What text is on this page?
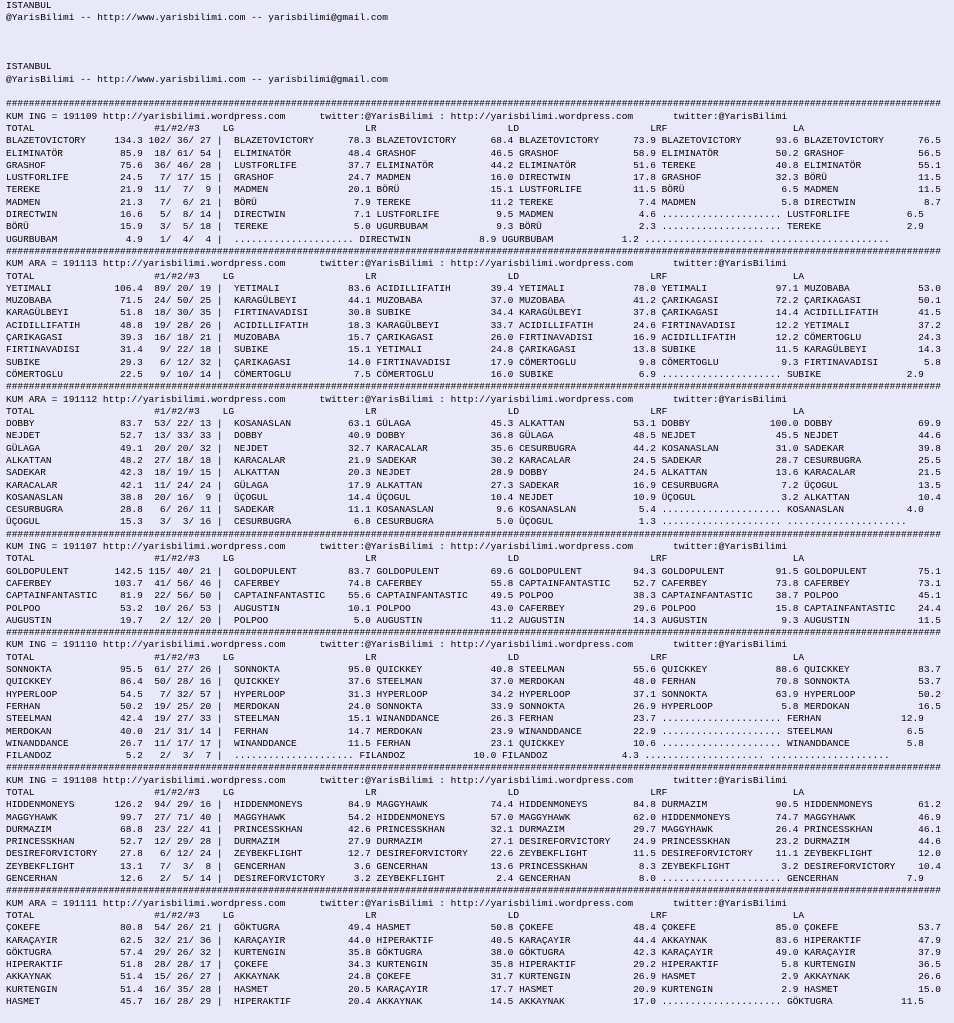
ISTANBUL
@YarisBilimi -- http://www.yarisbilimi.com -- yarisbilimi@gmail.com
ISTANBUL
@YarisBilimi -- http://www.yarisbilimi.com -- yarisbilimi@gmail.com
####################################################################################################################################################################
KUM ING = 191109 http://yarisbilimi.wordpress.com      twitter:@YarisBilimi : http://yarisbilimi.wordpress.com       twitter:@YarisBilimi
TOTAL                     #1/#2/#3    LG                       LR                       LD                       LRF                      LA
BLAZETOVICTORY     134.3 102/ 36/ 27 |  BLAZETOVICTORY      78.3 BLAZETOVICTORY      68.4 BLAZETOVICTORY      73.9 BLAZETOVICTORY      93.6 BLAZETOVICTORY      76.5
ELIMINATÖR          85.9  18/ 61/ 54 |  ELIMINATÖR          48.4 GRASHOF             46.5 GRASHOF             58.9 ELIMINATÖR          50.2 GRASHOF             56.5
GRASHOF             75.6  36/ 46/ 28 |  LUSTFORLIFE         37.7 ELIMINATÖR          44.2 ELIMINATÖR          51.6 TEREKE              40.8 ELIMINATÖR          55.1
LUSTFORLIFE         24.5   7/ 17/ 15 |  GRASHOF             24.7 MADMEN              16.0 DIRECTWIN           17.8 GRASHOF             32.3 BÖRÜ                11.5
TEREKE              21.9  11/  7/  9 |  MADMEN              20.1 BÖRÜ                15.1 LUSTFORLIFE         11.5 BÖRÜ                 6.5 MADMEN              11.5
MADMEN              21.3   7/  6/ 21 |  BÖRÜ                 7.9 TEREKE              11.2 TEREKE               7.4 MADMEN               5.8 DIRECTWIN            8.7
DIRECTWIN           16.6   5/  8/ 14 |  DIRECTWIN            7.1 LUSTFORLIFE          9.5 MADMEN               4.6 ..................... LUSTFORLIFE          6.5
BÖRÜ                15.9   3/  5/ 18 |  TEREKE               5.0 UGURBUBAM            9.3 BÖRÜ                 2.3 ..................... TEREKE               2.9
UGURBUBAM            4.9   1/  4/  4 |  ..................... DIRECTWIN            8.9 UGURBUBAM            1.2 ..................... .....................
####################################################################################################################################################################
KUM ARA = 191113 http://yarisbilimi.wordpress.com      twitter:@YarisBilimi : http://yarisbilimi.wordpress.com       twitter:@YarisBilimi
TOTAL                     #1/#2/#3    LG                       LR                       LD                       LRF                      LA
YETIMALI           106.4  89/ 20/ 19 |  YETIMALI            83.6 ACIDILLIFATIH       39.4 YETIMALI            78.0 YETIMALI            97.1 MUZOBABA            53.0
MUZOBABA            71.5  24/ 50/ 25 |  KARAGÜLBEYI         44.1 MUZOBABA            37.0 MUZOBABA            41.2 ÇARIKAGASI          72.2 ÇARIKAGASI          50.1
KARAGÜLBEYI         51.8  18/ 30/ 35 |  FIRTINAVADISI       30.8 SUBIKE              34.4 KARAGÜLBEYI         37.8 ÇARIKAGASI          14.4 ACIDILLIFATIH       41.5
ACIDILLIFATIH       48.8  19/ 28/ 26 |  ACIDILLIFATIH       18.3 KARAGÜLBEYI         33.7 ACIDILLIFATIH       24.6 FIRTINAVADISI       12.2 YETIMALI            37.2
ÇARIKAGASI          39.3  16/ 18/ 21 |  MUZOBABA            15.7 ÇARIKAGASI          26.0 FIRTINAVADISI       16.9 ACIDILLIFATIH       12.2 CÖMERTOGLU          24.3
FIRTINAVADISI       31.4   9/ 22/ 18 |  SUBIKE              15.1 YETIMALI            24.8 ÇARIKAGASI          13.8 SUBIKE              11.5 KARAGÜLBEYI         14.3
SUBIKE              29.3   6/ 12/ 32 |  ÇARIKAGASI          14.0 FIRTINAVADISI       17.9 CÖMERTOGLU           9.8 CÖMERTOGLU           9.3 FIRTINAVADISI        5.8
CÖMERTOGLU          22.5   9/ 10/ 14 |  CÖMERTOGLU           7.5 CÖMERTOGLU          16.0 SUBIKE               6.9 ..................... SUBIKE               2.9
####################################################################################################################################################################
KUM ARA = 191112 http://yarisbilimi.wordpress.com      twitter:@YarisBilimi : http://yarisbilimi.wordpress.com       twitter:@YarisBilimi
TOTAL                     #1/#2/#3    LG                       LR                       LD                       LRF                      LA
DOBBY               83.7  53/ 22/ 13 |  KOSANASLAN          63.1 GÜLAGA              45.3 ALKATTAN            53.1 DOBBY              100.0 DOBBY               69.9
NEJDET              52.7  13/ 33/ 33 |  DOBBY               40.9 DOBBY               36.8 GÜLAGA              48.5 NEJDET              45.5 NEJDET              44.6
GÜLAGA              49.1  20/ 20/ 32 |  NEJDET              32.7 KARACALAR           35.6 CESURBUGRA          44.2 KOSANASLAN          31.0 SADEKAR             39.8
ALKATTAN            48.2  27/ 18/ 18 |  KARACALAR           21.9 SADEKAR             30.2 KARACALAR           24.5 SADEKAR             28.7 CESURBUGRA          25.5
SADEKAR             42.3  18/ 19/ 15 |  ALKATTAN            20.3 NEJDET              28.9 DOBBY               24.5 ALKATTAN            13.6 KARACALAR           21.5
KARACALAR           42.1  11/ 24/ 24 |  GÜLAGA              17.9 ALKATTAN            27.3 SADEKAR             16.9 CESURBUGRA           7.2 ÜÇOGUL              13.5
KOSANASLAN          38.8  20/ 16/  9 |  ÜÇOGUL              14.4 ÜÇOGUL              10.4 NEJDET              10.9 ÜÇOGUL               3.2 ALKATTAN            10.4
CESURBUGRA          28.8   6/ 26/ 11 |  SADEKAR             11.1 KOSANASLAN           9.6 KOSANASLAN           5.4 ..................... KOSANASLAN           4.0
ÜÇOGUL              15.3   3/  3/ 16 |  CESURBUGRA           6.8 CESURBUGRA           5.0 ÜÇOGUL               1.3 ..................... .....................
####################################################################################################################################################################
KUM ING = 191107 http://yarisbilimi.wordpress.com      twitter:@YarisBilimi : http://yarisbilimi.wordpress.com       twitter:@YarisBilimi
TOTAL                     #1/#2/#3    LG                       LR                       LD                       LRF                      LA
GOLDOPULENT        142.5 115/ 40/ 21 |  GOLDOPULENT         83.7 GOLDOPULENT         69.6 GOLDOPULENT         94.3 GOLDOPULENT         91.5 GOLDOPULENT         75.1
CAFERBEY           103.7  41/ 56/ 46 |  CAFERBEY            74.8 CAFERBEY            55.8 CAPTAINFANTASTIC    52.7 CAFERBEY            73.8 CAFERBEY            73.1
CAPTAINFANTASTIC    81.9  22/ 56/ 50 |  CAPTAINFANTASTIC    55.6 CAPTAINFANTASTIC    49.5 POLPOO              38.3 CAPTAINFANTASTIC    38.7 POLPOO              45.1
POLPOO              53.2  10/ 26/ 53 |  AUGUSTIN            10.1 POLPOO              43.0 CAFERBEY            29.6 POLPOO              15.8 CAPTAINFANTASTIC    24.4
AUGUSTIN            19.7   2/ 12/ 20 |  POLPOO               5.0 AUGUSTIN            11.2 AUGUSTIN            14.3 AUGUSTIN             9.3 AUGUSTIN            11.5
####################################################################################################################################################################
KUM ING = 191110 http://yarisbilimi.wordpress.com      twitter:@YarisBilimi : http://yarisbilimi.wordpress.com       twitter:@YarisBilimi
TOTAL                     #1/#2/#3    LG                       LR                       LD                       LRF                      LA
SONNOKTA            95.5  61/ 27/ 26 |  SONNOKTA            95.0 QUICKKEY            40.8 STEELMAN            55.6 QUICKKEY            88.6 QUICKKEY            83.7
QUICKKEY            86.4  50/ 28/ 16 |  QUICKKEY            37.6 STEELMAN            37.0 MERDOKAN            48.0 FERHAN              70.8 SONNOKTA            53.7
HYPERLOOP           54.5   7/ 32/ 57 |  HYPERLOOP           31.3 HYPERLOOP           34.2 HYPERLOOP           37.1 SONNOKTA            63.9 HYPERLOOP           50.2
FERHAN              50.2  19/ 25/ 20 |  MERDOKAN            24.0 SONNOKTA            33.9 SONNOKTA            26.9 HYPERLOOP            5.8 MERDOKAN            16.5
STEELMAN            42.4  19/ 27/ 33 |  STEELMAN            15.1 WINANDDANCE         26.3 FERHAN              23.7 ..................... FERHAN              12.9
MERDOKAN            40.0  21/ 31/ 14 |  FERHAN              14.7 MERDOKAN            23.9 WINANDDANCE         22.9 ..................... STEELMAN             6.5
WINANDDANCE         26.7  11/ 17/ 17 |  WINANDDANCE         11.5 FERHAN              23.1 QUICKKEY            10.6 ..................... WINANDDANCE          5.8
FILANDOZ             5.2   2/  3/  7 |  ..................... FILANDOZ            10.0 FILANDOZ             4.3 ..................... .....................
####################################################################################################################################################################
KUM ING = 191108 http://yarisbilimi.wordpress.com      twitter:@YarisBilimi : http://yarisbilimi.wordpress.com       twitter:@YarisBilimi
TOTAL                     #1/#2/#3    LG                       LR                       LD                       LRF                      LA
HIDDENMONEYS       126.2  94/ 29/ 16 |  HIDDENMONEYS        84.9 MAGGYHAWK           74.4 HIDDENMONEYS        84.8 DURMAZIM            90.5 HIDDENMONEYS        61.2
MAGGYHAWK           99.7  27/ 71/ 40 |  MAGGYHAWK           54.2 HIDDENMONEYS        57.0 MAGGYHAWK           62.0 HIDDENMONEYS        74.7 MAGGYHAWK           46.9
DURMAZIM            68.8  23/ 22/ 41 |  PRINCESSKHAN        42.6 PRINCESSKHAN        32.1 DURMAZIM            29.7 MAGGYHAWK           26.4 PRINCESSKHAN        46.1
PRINCESSKHAN        52.7  12/ 29/ 28 |  DURMAZIM            27.9 DURMAZIM            27.1 DESIREFORVICTORY    24.9 PRINCESSKHAN        23.2 DURMAZIM            44.6
DESIREFORVICTORY    27.8   6/ 12/ 24 |  ZEYBEKFLIGHT        12.7 DESIREFORVICTORY    22.6 ZEYBEKFLIGHT        11.5 DESIREFORVICTORY    11.1 ZEYBEKFLIGHT        12.0
ZEYBEKFLIGHT        13.1   7/  3/  8 |  GENCERHAN            3.6 GENCERHAN           13.6 PRINCESSKHAN         8.3 ZEYBEKFLIGHT         3.2 DESIREFORVICTORY    10.4
GENCERHAN           12.6   2/  5/ 14 |  DESIREFORVICTORY     3.2 ZEYBEKFLIGHT         2.4 GENCERHAN            8.0 ..................... GENCERHAN            7.9
####################################################################################################################################################################
KUM ARA = 191111 http://yarisbilimi.wordpress.com      twitter:@YarisBilimi : http://yarisbilimi.wordpress.com       twitter:@YarisBilimi
TOTAL                     #1/#2/#3    LG                       LR                       LD                       LRF                      LA
ÇOKEFE              80.8  54/ 26/ 21 |  GÖKTUGRA            49.4 HASMET              50.8 ÇOKEFE              48.4 ÇOKEFE              85.0 ÇOKEFE              53.7
KARAÇAYIR           62.5  32/ 21/ 36 |  KARAÇAYIR           44.0 HIPERAKTIF          40.5 KARAÇAYIR           44.4 AKKAYNAK            83.6 HIPERAKTIF          47.9
GÖKTUGRA            57.4  29/ 26/ 32 |  KURTENGIN           35.8 GÖKTUGRA            38.0 GÖKTUGRA            42.3 KARAÇAYIR           49.0 KARAÇAYIR           37.9
HIPERAKTIF          51.8  28/ 28/ 17 |  ÇOKEFE              34.3 KURTENGIN           35.8 HIPERAKTIF          29.2 HIPERAKTIF           5.8 KURTENGIN           36.5
AKKAYNAK            51.4  15/ 26/ 27 |  AKKAYNAK            24.8 ÇOKEFE              31.7 KURTENGIN           26.9 HASMET               2.9 AKKAYNAK            26.6
KURTENGIN           51.4  16/ 35/ 28 |  HASMET              20.5 KARAÇAYIR           17.7 HASMET              20.9 KURTENGIN            2.9 HASMET              15.0
HASMET              45.7  16/ 28/ 29 |  HIPERAKTIF          20.4 AKKAYNAK            14.5 AKKAYNAK            17.0 ..................... GÖKTUGRA            11.5
